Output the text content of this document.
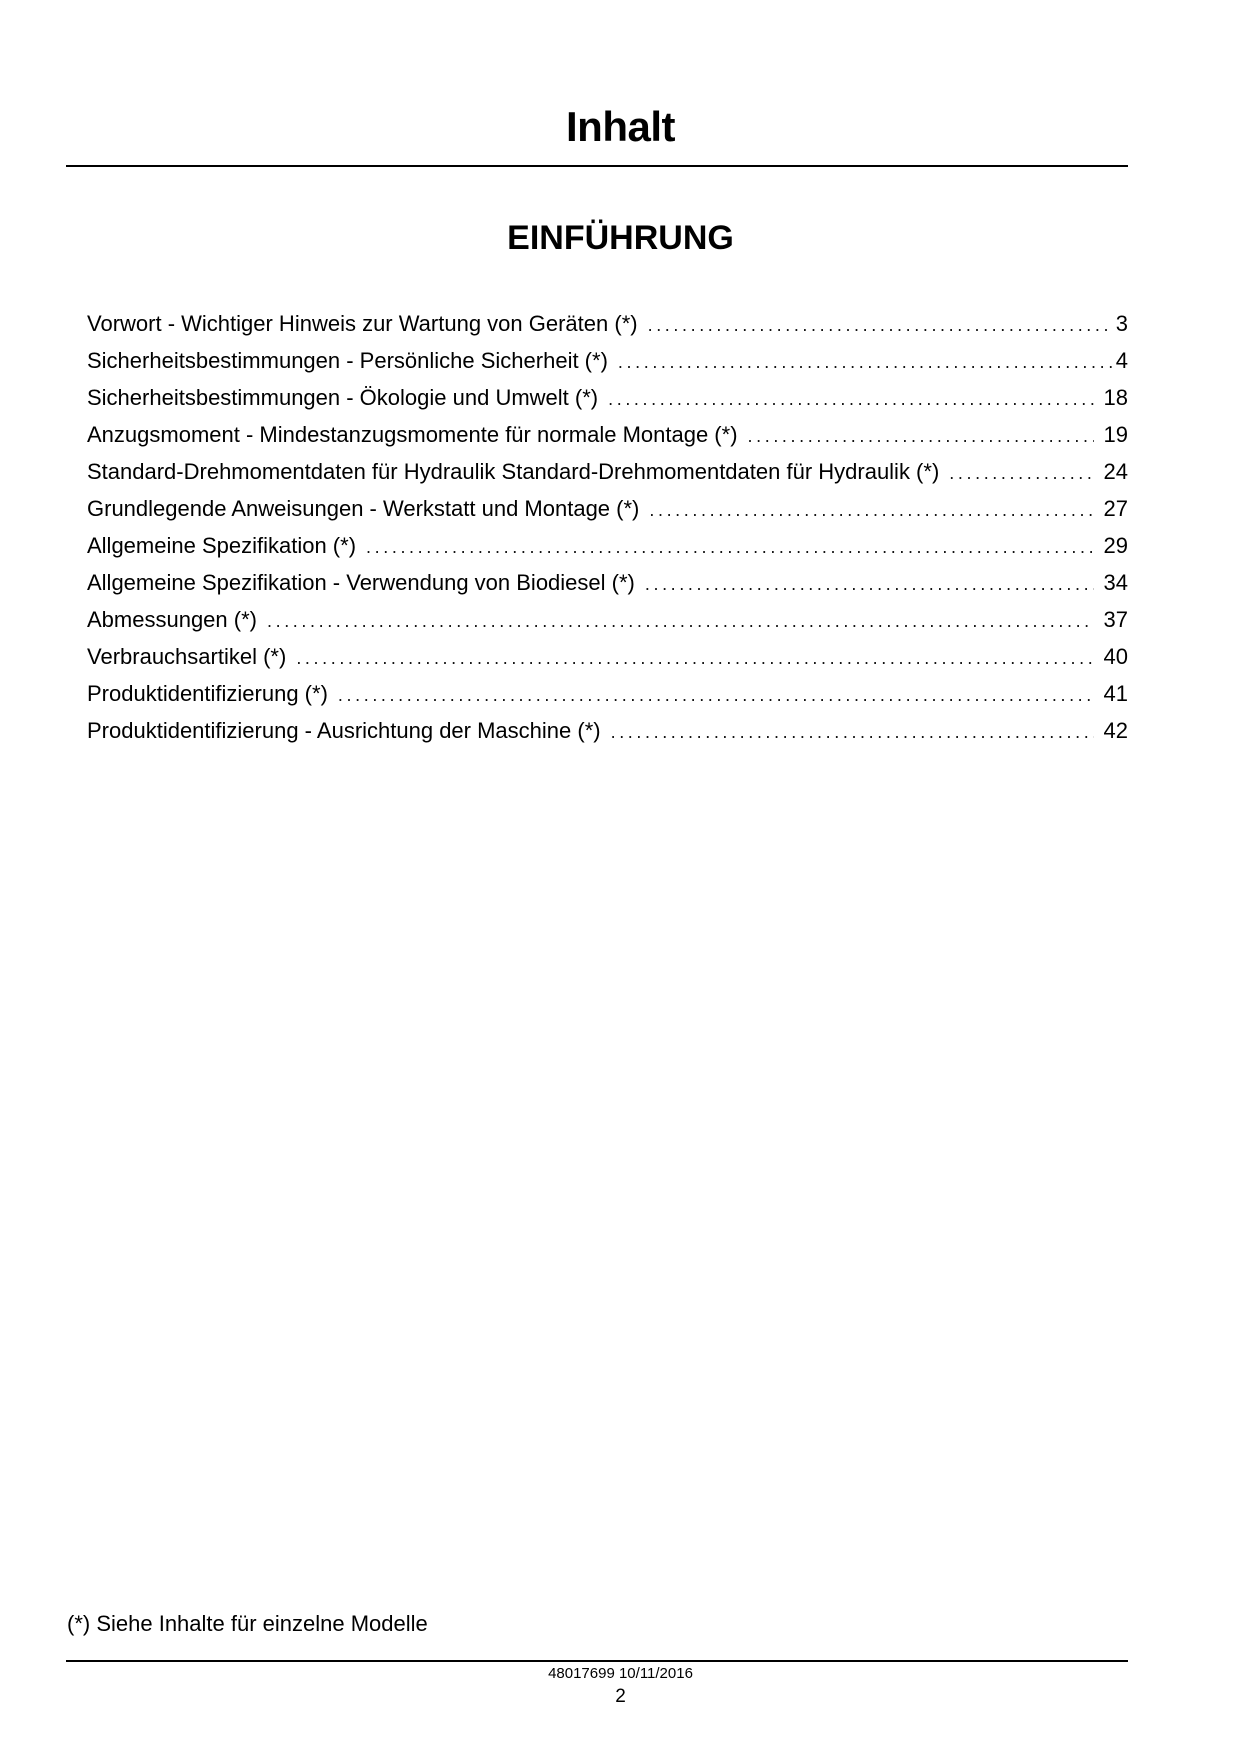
Inhalt
EINFÜHRUNG
Vorwort - Wichtiger Hinweis zur Wartung von Geräten (*) . . .	3
Sicherheitsbestimmungen - Persönliche Sicherheit (*) . . .	4
Sicherheitsbestimmungen - Ökologie und Umwelt (*) . . .	18
Anzugsmoment - Mindestanzugsmomente für normale Montage (*) . . .	19
Standard-Drehmomentdaten für Hydraulik Standard-Drehmomentdaten für Hydraulik (*) . . .	24
Grundlegende Anweisungen - Werkstatt und Montage (*) . . .	27
Allgemeine Spezifikation (*) . . .	29
Allgemeine Spezifikation - Verwendung von Biodiesel (*) . . .	34
Abmessungen (*) . . .	37
Verbrauchsartikel (*) . . .	40
Produktidentifizierung (*) . . .	41
Produktidentifizierung - Ausrichtung der Maschine (*) . . .	42
(*) Siehe Inhalte für einzelne Modelle
48017699 10/11/2016
2
